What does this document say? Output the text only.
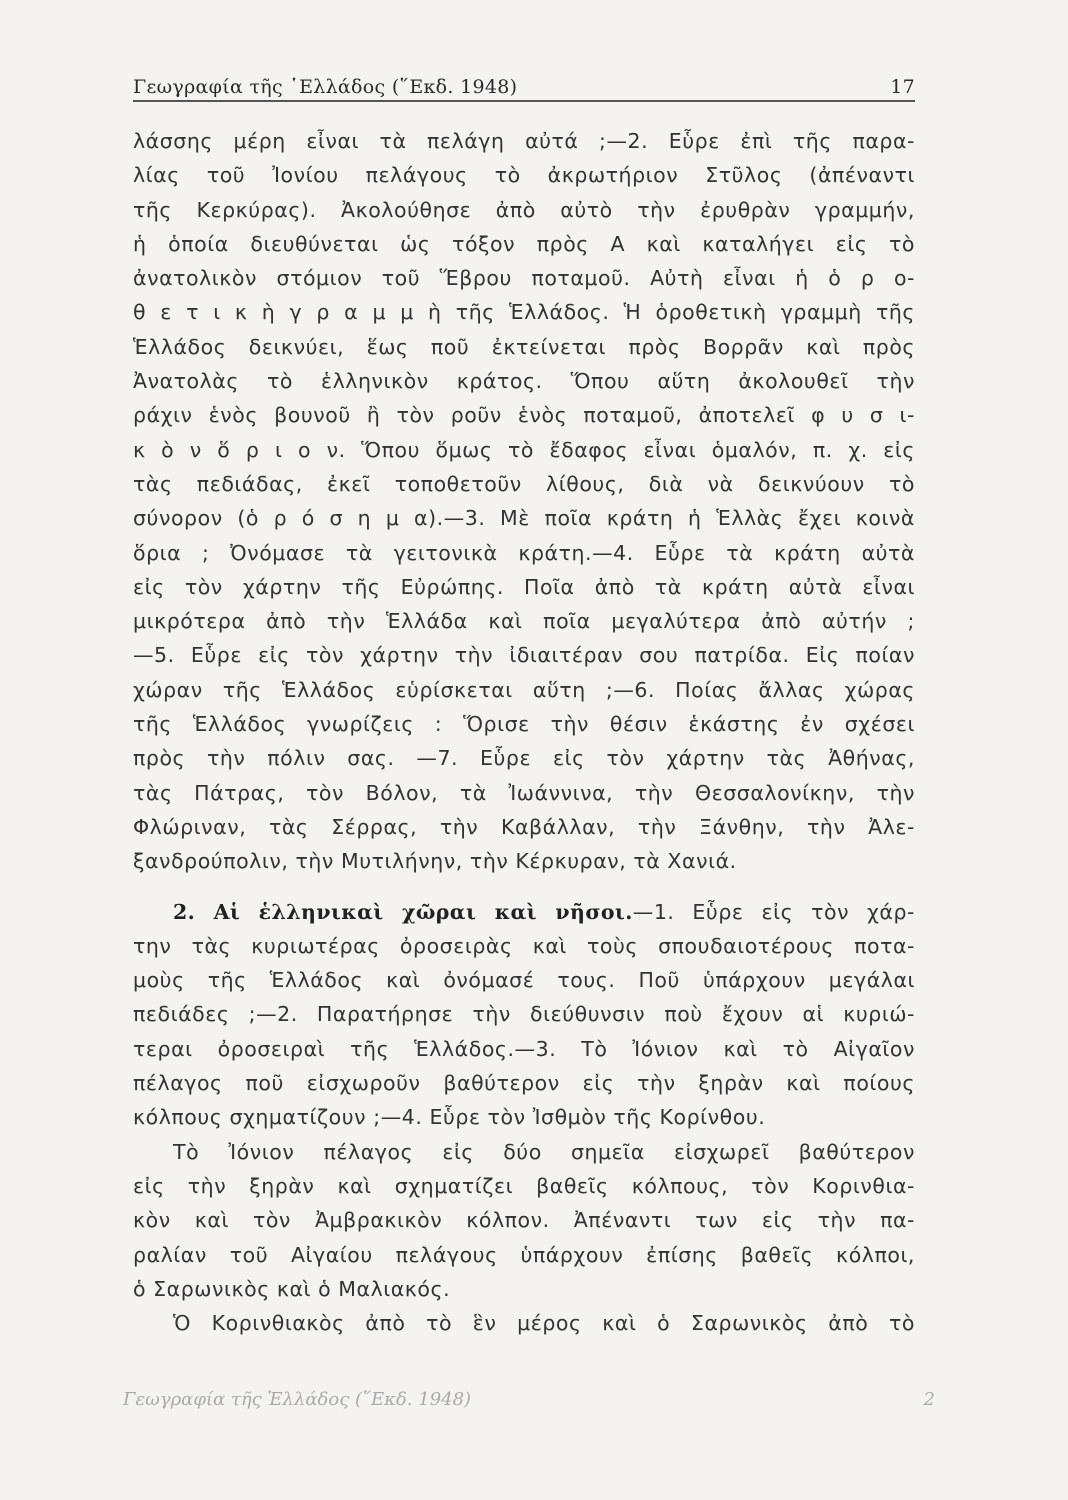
Γεωγραφία τῆς ῾Ελλάδος (῞Εκδ. 1948)	17
λάσσης μέρη εἶναι τὰ πελάγη αὐτά ;—2. Εὗρε ἐπὶ τῆς παρα-
λίας τοῦ Ἰονίου πελάγους τὸ ἀκρωτήριον Στῦλος (ἀπέναντι
τῆς Κερκύρας). Ἀκολούθησε ἀπὸ αὐτὸ τὴν ἐρυθρὰν γραμμήν,
ἡ ὁποία διευθύνεται ὡς τόξον πρὸς Α καὶ καταλήγει εἰς τὸ
ἀνατολικὸν στόμιον τοῦ Ἕβρου ποταμοῦ. Αὐτὴ εἶναι ἡ ὁ ρ ο-
θ ε τ ι κ ὴ γ ρ α μ μ ὴ τῆς Ἑλλάδος. Ἡ ὁροθετικὴ γραμμὴ τῆς
Ἑλλάδος δεικνύει, ἕως ποῦ ἐκτείνεται πρὸς Βορρᾶν καὶ πρὸς
Ἀνατολὰς τὸ ἑλληνικὸν κράτος. Ὅπου αὕτη ἀκολουθεῖ τὴν
ράχιν ἑνὸς βουνοῦ ἢ τὸν ροῦν ἑνὸς ποταμοῦ, ἀποτελεῖ φ υ σ ι-
κ ὸ ν ὅ ρ ι ο ν. Ὅπου ὅμως τὸ ἔδαφος εἶναι ὁμαλόν, π. χ. εἰς
τὰς πεδιάδας, ἐκεῖ τοποθετοῦν λίθους, διὰ νὰ δεικνύουν τὸ
σύνορον (ὁ ρ ό σ η μ α).—3. Μὲ ποῖα κράτη ἡ Ἑλλὰς ἔχει κοινὰ
ὅρια ; Ὀνόμασε τὰ γειτονικὰ κράτη.—4. Εὗρε τὰ κράτη αὐτὰ
εἰς τὸν χάρτην τῆς Εὐρώπης. Ποῖα ἀπὸ τὰ κράτη αὐτὰ εἶναι
μικρότερα ἀπὸ τὴν Ἑλλάδα καὶ ποῖα μεγαλύτερα ἀπὸ αὐτήν ;
—5. Εὗρε εἰς τὸν χάρτην τὴν ἰδιαιτέραν σου πατρίδα. Εἰς ποίαν
χώραν τῆς Ἑλλάδος εὑρίσκεται αὕτη ;—6. Ποίας ἄλλας χώρας
τῆς Ἑλλάδος γνωρίζεις : Ὅρισε τὴν θέσιν ἑκάστης ἐν σχέσει
πρὸς τὴν πόλιν σας. —7. Εὗρε εἰς τὸν χάρτην τὰς Ἀθήνας,
τὰς Πάτρας, τὸν Βόλον, τὰ Ἰωάννινα, τὴν Θεσσαλονίκην, τὴν
Φλώριναν, τὰς Σέρρας, τὴν Καβάλλαν, τὴν Ξάνθην, τὴν Ἀλε-
ξανδρούπολιν, τὴν Μυτιλήνην, τὴν Κέρκυραν, τὰ Χανιά.
2. Αἱ ἑλληνικαὶ χῶραι καὶ νῆσοι.—1. Εὗρε εἰς τὸν χάρ-
την τὰς κυριωτέρας ὀροσειρὰς καὶ τοὺς σπουδαιοτέρους ποτα-
μοὺς τῆς Ἑλλάδος καὶ ὀνόμασέ τους. Ποῦ ὑπάρχουν μεγάλαι
πεδιάδες ;—2. Παρατήρησε τὴν διεύθυνσιν ποὺ ἔχουν αἱ κυριώ-
τεραι ὀροσειραὶ τῆς Ἑλλάδος.—3. Τὸ Ἰόνιον καὶ τὸ Αἰγαῖον
πέλαγος ποῦ εἰσχωροῦν βαθύτερον εἰς τὴν ξηρὰν καὶ ποίους
κόλπους σχηματίζουν ;—4. Εὗρε τὸν Ἰσθμὸν τῆς Κορίνθου.
Τὸ Ἰόνιον πέλαγος εἰς δύο σημεῖα εἰσχωρεῖ βαθύτερον
εἰς τὴν ξηρὰν καὶ σχηματίζει βαθεῖς κόλπους, τὸν Κορινθια-
κὸν καὶ τὸν Ἀμβρακικὸν κόλπον. Ἀπέναντι των εἰς τὴν πα-
ραλίαν τοῦ Αἰγαίου πελάγους ὑπάρχουν ἐπίσης βαθεῖς κόλποι,
ὁ Σαρωνικὸς καὶ ὁ Μαλιακός.
Ὁ Κορινθιακὸς ἀπὸ τὸ ἓν μέρος καὶ ὁ Σαρωνικὸς ἀπὸ τὸ
Γεωγραφία τῆς Ἑλλάδος (῞Εκδ. 1948)	2
